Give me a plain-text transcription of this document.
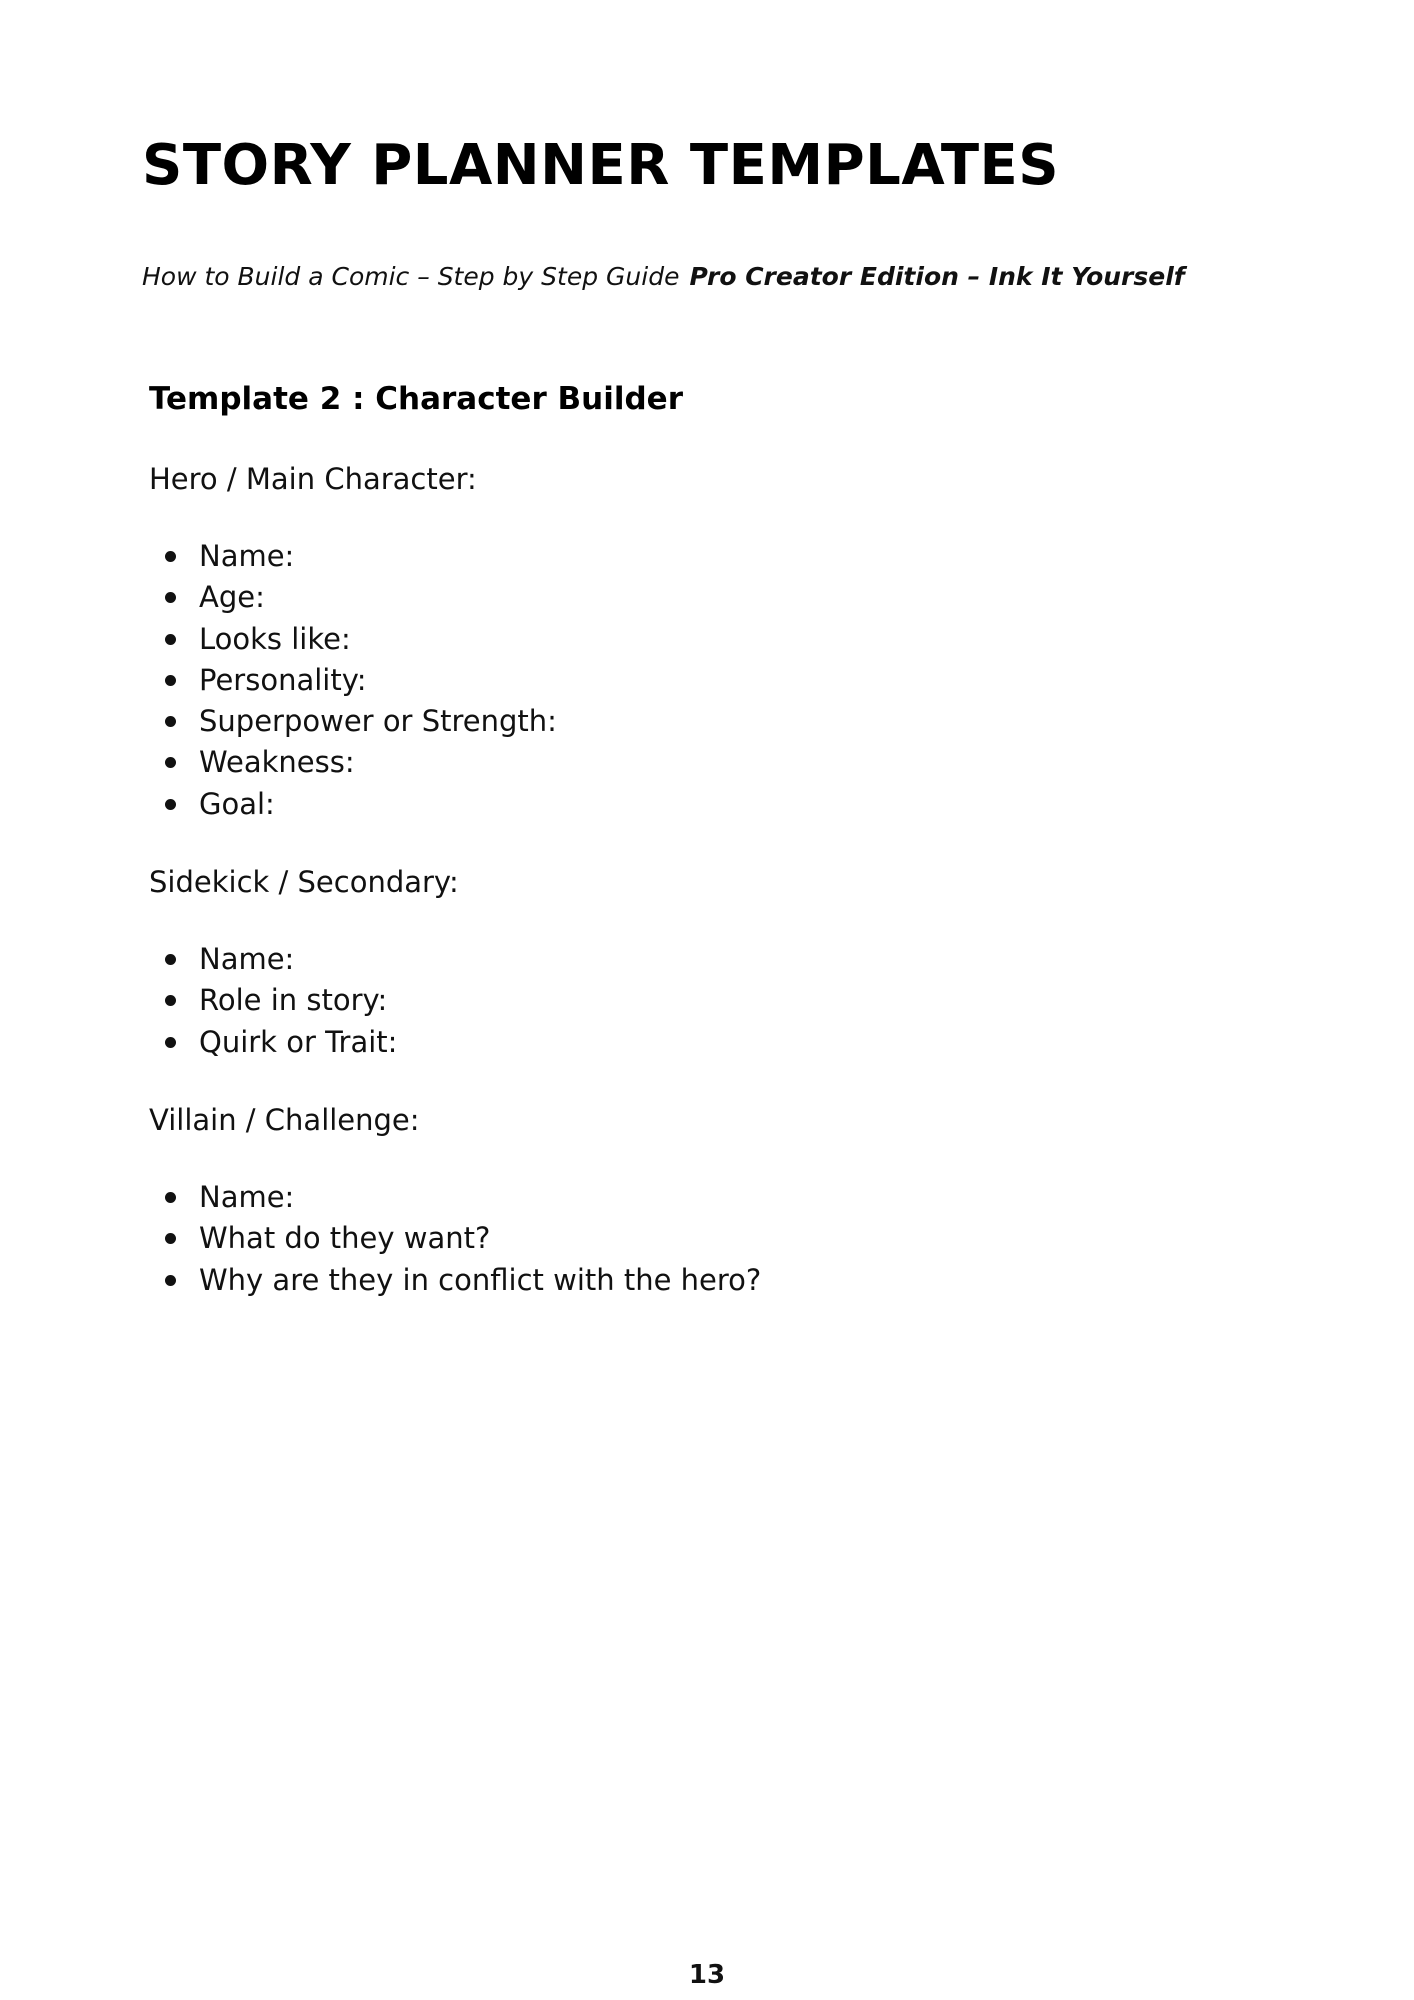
STORY PLANNER TEMPLATES
How to Build a Comic – Step by Step Guide Pro Creator Edition – Ink It Yourself
Template 2 : Character Builder
Hero / Main Character:
Name:
Age:
Looks like:
Personality:
Superpower or Strength:
Weakness:
Goal:
Sidekick / Secondary:
Name:
Role in story:
Quirk or Trait:
Villain / Challenge:
Name:
What do they want?
Why are they in conflict with the hero?
13
